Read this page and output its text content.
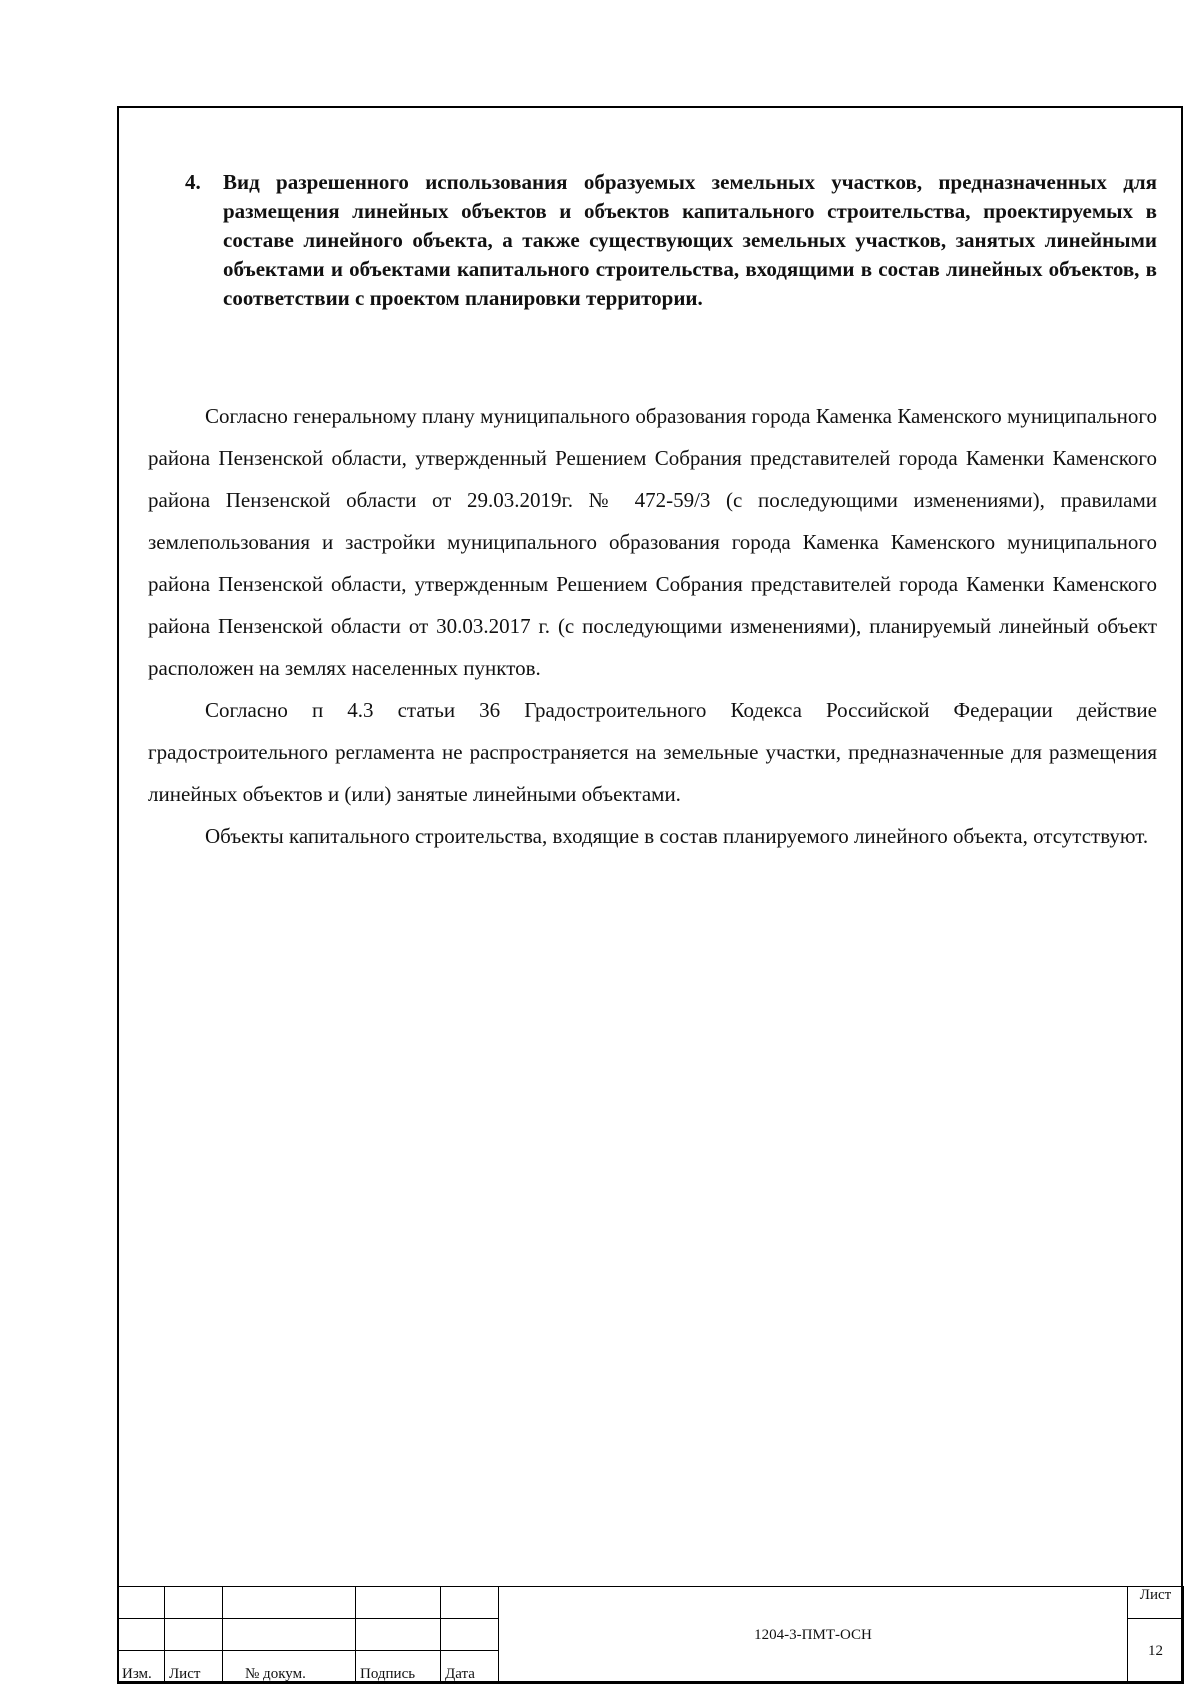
4. Вид разрешенного использования образуемых земельных участков, предназначенных для размещения линейных объектов и объектов капитального строительства, проектируемых в составе линейного объекта, а также существующих земельных участков, занятых линейными объектами и объектами капитального строительства, входящими в состав линейных объектов, в соответствии с проектом планировки территории.

Согласно генеральному плану муниципального образования города Каменка Каменского муниципального района Пензенской области, утвержденный Решением Собрания представителей города Каменки Каменского района Пензенской области от 29.03.2019г. № 472-59/3 (с последующими изменениями), правилами землепользования и застройки муниципального образования города Каменка Каменского муниципального района Пензенской области, утвержденным Решением Собрания представителей города Каменки Каменского района Пензенской области от 30.03.2017 г. (с последующими изменениями), планируемый линейный объект расположен на землях населенных пунктов.

Согласно п 4.3 статьи 36 Градостроительного Кодекса Российской Федерации действие градостроительного регламента не распространяется на земельные участки, предназначенные для размещения линейных объектов и (или) занятые линейными объектами.

Объекты капитального строительства, входящие в состав планируемого линейного объекта, отсутствуют.

					1204-3-ПМТ-ОСН	Лист
						12
Изм.	Лист	№ докум.	Подпись	Дата		
